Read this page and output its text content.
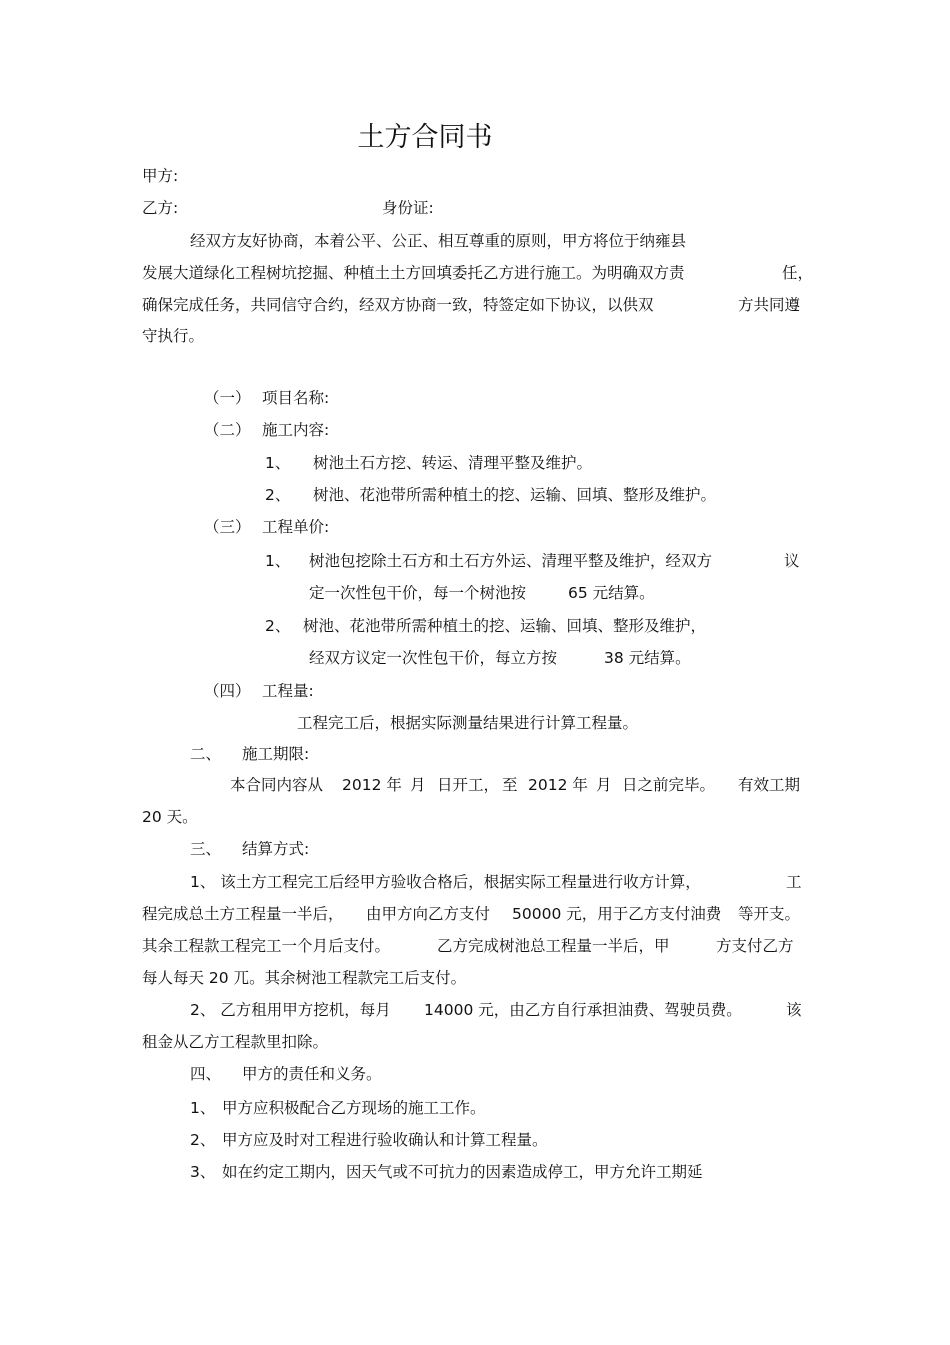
土方合同书
甲方:
乙方:	身份证:
经双方友好协商，本着公平、公正、相互尊重的原则，甲方将位于纳雍县
发展大道绿化工程树坑挖掘、种植土土方回填委托乙方进行施工。为明确双方责	任，
确保完成任务，共同信守合约，经双方协商一致，特签定如下协议，以供双	方共同遵
守执行。
（一） 项目名称:
（二） 施工内容:
1、 树池土石方挖、转运、清理平整及维护。
2、 树池、花池带所需种植土的挖、运输、回填、整形及维护。
（三） 工程单价:
1、 树池包挖除土石方和土石方外运、清理平整及维护，经双方	议
定一次性包干价，每一个树池按	65 元结算。
2、 树池、花池带所需种植土的挖、运输、回填、整形及维护，
经双方议定一次性包干价，每立方按	38 元结算。
（四） 工程量:
工程完工后，根据实际测量结果进行计算工程量。
二、 施工期限:
本合同内容从 2012 年 月 日开工， 至 2012 年 月 日之前完毕。 有效工期
20 天。
三、 结算方式:
1、 该土方工程完工后经甲方验收合格后，根据实际工程量进行收方计算，	工
程完成总土方工程量一半后， 由甲方向乙方支付 50000 元，用于乙方支付油费 等开支。
其余工程款工程完工一个月后支付。	乙方完成树池总工程量一半后，甲	方支付乙方
每人每天 20 兀。其余树池工程款完工后支付。
2、 乙方租用甲方挖机，每月 14000 元，由乙方自行承担油费、驾驶员费。	该
租金从乙方工程款里扣除。
四、 甲方的责任和义务。
1、 甲方应积极配合乙方现场的施工工作。
2、 甲方应及时对工程进行验收确认和计算工程量。
3、 如在约定工期内，因天气或不可抗力的因素造成停工，甲方允许工期延
